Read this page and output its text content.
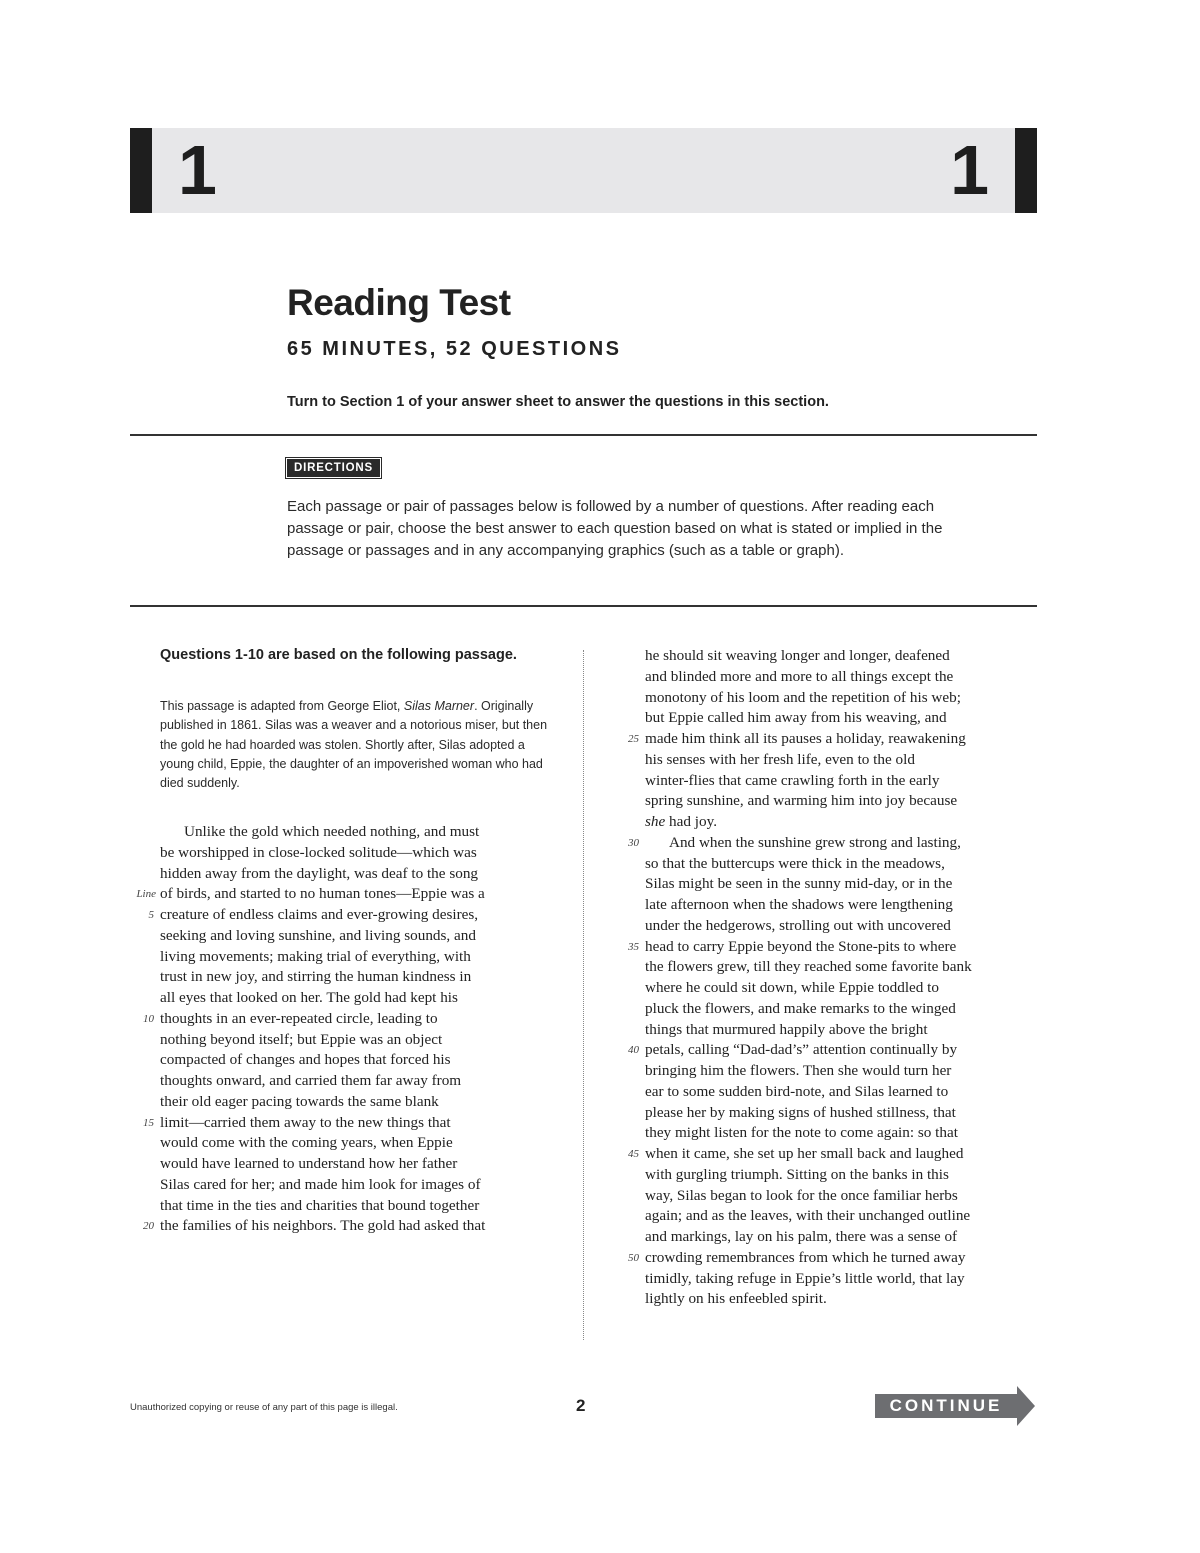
1	1
Reading Test
65 MINUTES, 52 QUESTIONS
Turn to Section 1 of your answer sheet to answer the questions in this section.
DIRECTIONS

Each passage or pair of passages below is followed by a number of questions. After reading each passage or pair, choose the best answer to each question based on what is stated or implied in the passage or passages and in any accompanying graphics (such as a table or graph).

Questions 1-10 are based on the following passage.

This passage is adapted from George Eliot, Silas Marner. Originally published in 1861. Silas was a weaver and a notorious miser, but then the gold he had hoarded was stolen. Shortly after, Silas adopted a young child, Eppie, the daughter of an impoverished woman who had died suddenly.

Unlike the gold which needed nothing, and must
be worshipped in close-locked solitude—which was
hidden away from the daylight, was deaf to the song
Line of birds, and started to no human tones—Eppie was a
5 creature of endless claims and ever-growing desires,
seeking and loving sunshine, and living sounds, and
living movements; making trial of everything, with
trust in new joy, and stirring the human kindness in
all eyes that looked on her. The gold had kept his
10 thoughts in an ever-repeated circle, leading to
nothing beyond itself; but Eppie was an object
compacted of changes and hopes that forced his
thoughts onward, and carried them far away from
their old eager pacing towards the same blank
15 limit—carried them away to the new things that
would come with the coming years, when Eppie
would have learned to understand how her father
Silas cared for her; and made him look for images of
that time in the ties and charities that bound together
20 the families of his neighbors. The gold had asked that
he should sit weaving longer and longer, deafened
and blinded more and more to all things except the
monotony of his loom and the repetition of his web;
but Eppie called him away from his weaving, and
25 made him think all its pauses a holiday, reawakening
his senses with her fresh life, even to the old
winter-flies that came crawling forth in the early
spring sunshine, and warming him into joy because
she had joy.
30 And when the sunshine grew strong and lasting,
so that the buttercups were thick in the meadows,
Silas might be seen in the sunny mid-day, or in the
late afternoon when the shadows were lengthening
under the hedgerows, strolling out with uncovered
35 head to carry Eppie beyond the Stone-pits to where
the flowers grew, till they reached some favorite bank
where he could sit down, while Eppie toddled to
pluck the flowers, and make remarks to the winged
things that murmured happily above the bright
40 petals, calling “Dad-dad’s” attention continually by
bringing him the flowers. Then she would turn her
ear to some sudden bird-note, and Silas learned to
please her by making signs of hushed stillness, that
they might listen for the note to come again: so that
45 when it came, she set up her small back and laughed
with gurgling triumph. Sitting on the banks in this
way, Silas began to look for the once familiar herbs
again; and as the leaves, with their unchanged outline
and markings, lay on his palm, there was a sense of
50 crowding remembrances from which he turned away
timidly, taking refuge in Eppie’s little world, that lay
lightly on his enfeebled spirit.
Unauthorized copying or reuse of any part of this page is illegal.	2	CONTINUE
